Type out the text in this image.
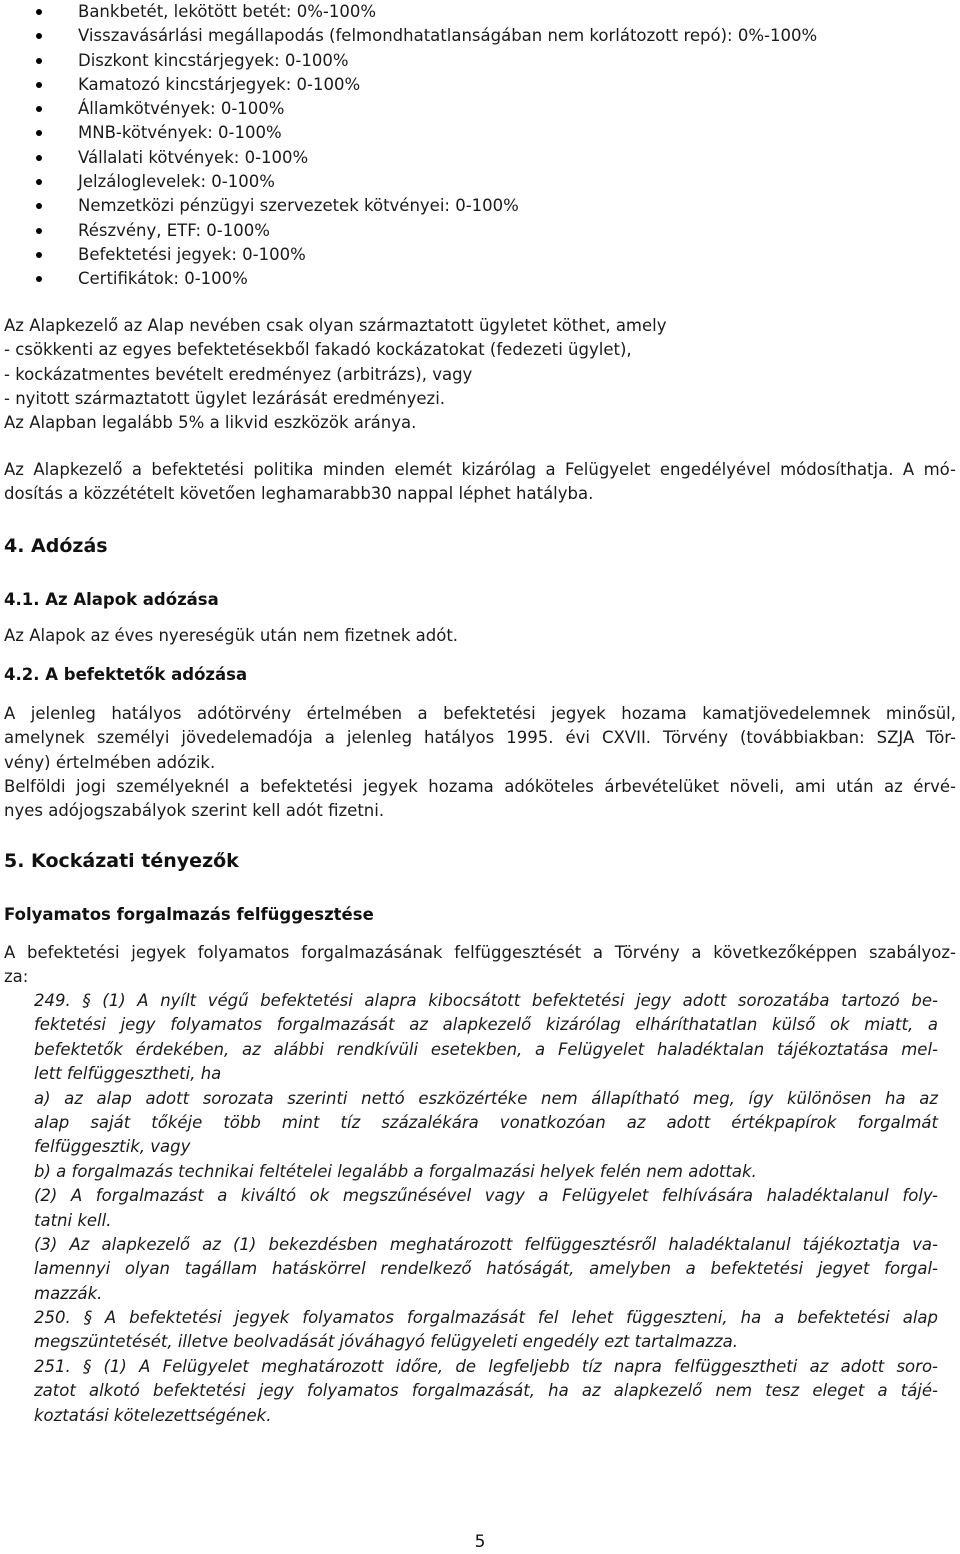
Bankbetét, lekötött betét: 0%-100%
Visszavásárlási megállapodás (felmondhatatlanságában nem korlátozott repó): 0%-100%
Diszkont kincstárjegyek: 0-100%
Kamatozó kincstárjegyek: 0-100%
Államkötvények: 0-100%
MNB-kötvények: 0-100%
Vállalati kötvények: 0-100%
Jelzáloglevelek: 0-100%
Nemzetközi pénzügyi szervezetek kötvényei: 0-100%
Részvény, ETF: 0-100%
Befektetési jegyek: 0-100%
Certifikátok: 0-100%
Az Alapkezelő az Alap nevében csak olyan származtatott ügyletet köthet, amely
- csökkenti az egyes befektetésekből fakadó kockázatokat (fedezeti ügylet),
- kockázatmentes bevételt eredményez (arbitrázs), vagy
- nyitott származtatott ügylet lezárását eredményezi.
Az Alapban legalább 5% a likvid eszközök aránya.
Az Alapkezelő a befektetési politika minden elemét kizárólag a Felügyelet engedélyével módosíthatja. A mó-
dosítás a közzétételt követően leghamarabb30 nappal léphet hatályba.
4. Adózás
4.1. Az Alapok adózása
Az Alapok az éves nyereségük után nem fizetnek adót.
4.2. A befektetők adózása
A jelenleg hatályos adótörvény értelmében a befektetési jegyek hozama kamatjövedelemnek minősül,
amelynek személyi jövedelemadója a jelenleg hatályos 1995. évi CXVII. Törvény (továbbiakban: SZJA Tör-
vény) értelmében adózik.
Belföldi jogi személyeknél a befektetési jegyek hozama adóköteles árbevételüket növeli, ami után az érvé-
nyes adójogszabályok szerint kell adót fizetni.
5. Kockázati tényezők
Folyamatos forgalmazás felfüggesztése
A befektetési jegyek folyamatos forgalmazásának felfüggesztését a Törvény a következőképpen szabályoz-
za:
249. § (1) A nyílt végű befektetési alapra kibocsátott befektetési jegy adott sorozatába tartozó be-
fektetési jegy folyamatos forgalmazását az alapkezelő kizárólag elháríthatatlan külső ok miatt, a
befektetők érdekében, az alábbi rendkívüli esetekben, a Felügyelet haladéktalan tájékoztatása mel-
lett felfüggesztheti, ha
a) az alap adott sorozata szerinti nettó eszközértéke nem állapítható meg, így különösen ha az
alap saját tőkéje több mint tíz százalékára vonatkozóan az adott értékpapírok forgalmát
felfüggesztik, vagy
b) a forgalmazás technikai feltételei legalább a forgalmazási helyek felén nem adottak.
(2) A forgalmazást a kiváltó ok megszűnésével vagy a Felügyelet felhívására haladéktalanul foly-
tatni kell.
(3) Az alapkezelő az (1) bekezdésben meghatározott felfüggesztésről haladéktalanul tájékoztatja va-
lamennyi olyan tagállam hatáskörrel rendelkező hatóságát, amelyben a befektetési jegyet forgal-
mazzák.
250. § A befektetési jegyek folyamatos forgalmazását fel lehet függeszteni, ha a befektetési alap
megszüntetését, illetve beolvadását jóváhagyó felügyeleti engedély ezt tartalmazza.
251. § (1) A Felügyelet meghatározott időre, de legfeljebb tíz napra felfüggesztheti az adott soro-
zatot alkotó befektetési jegy folyamatos forgalmazását, ha az alapkezelő nem tesz eleget a tájé-
koztatási kötelezettségének.
5
